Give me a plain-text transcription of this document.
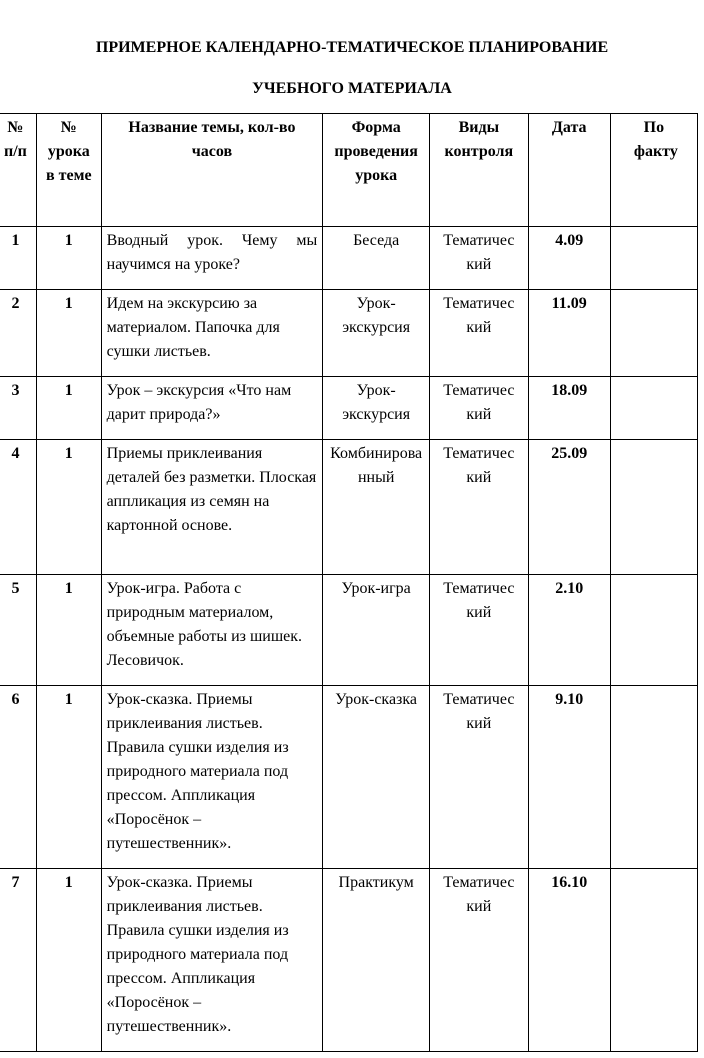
ПРИМЕРНОЕ КАЛЕНДАРНО-ТЕМАТИЧЕСКОЕ ПЛАНИРОВАНИЕ

УЧЕБНОГО МАТЕРИАЛА

№ п/п	№ урока в теме	Название темы, кол-во часов	Форма проведения урока	Виды контроля	Дата	По факту
1	1	Вводный урок. Чему мы научимся на уроке?	Беседа	Тематический	4.09	
2	1	Идем на экскурсию за материалом. Папочка для сушки листьев.	Урок-экскурсия	Тематический	11.09	
3	1	Урок – экскурсия «Что нам дарит природа?»	Урок-экскурсия	Тематический	18.09	
4	1	Приемы приклеивания деталей без разметки. Плоская аппликация из семян на картонной основе.	Комбинированный	Тематический	25.09	
5	1	Урок-игра. Работа с природным материалом, объемные работы из шишек. Лесовичок.	Урок-игра	Тематический	2.10	
6	1	Урок-сказка. Приемы приклеивания листьев. Правила сушки изделия из природного материала под прессом. Аппликация «Поросёнок – путешественник».	Урок-сказка	Тематический	9.10	
7	1	Урок-сказка. Приемы приклеивания листьев. Правила сушки изделия из природного материала под прессом. Аппликация «Поросёнок – путешественник».	Практикум	Тематический	16.10	
